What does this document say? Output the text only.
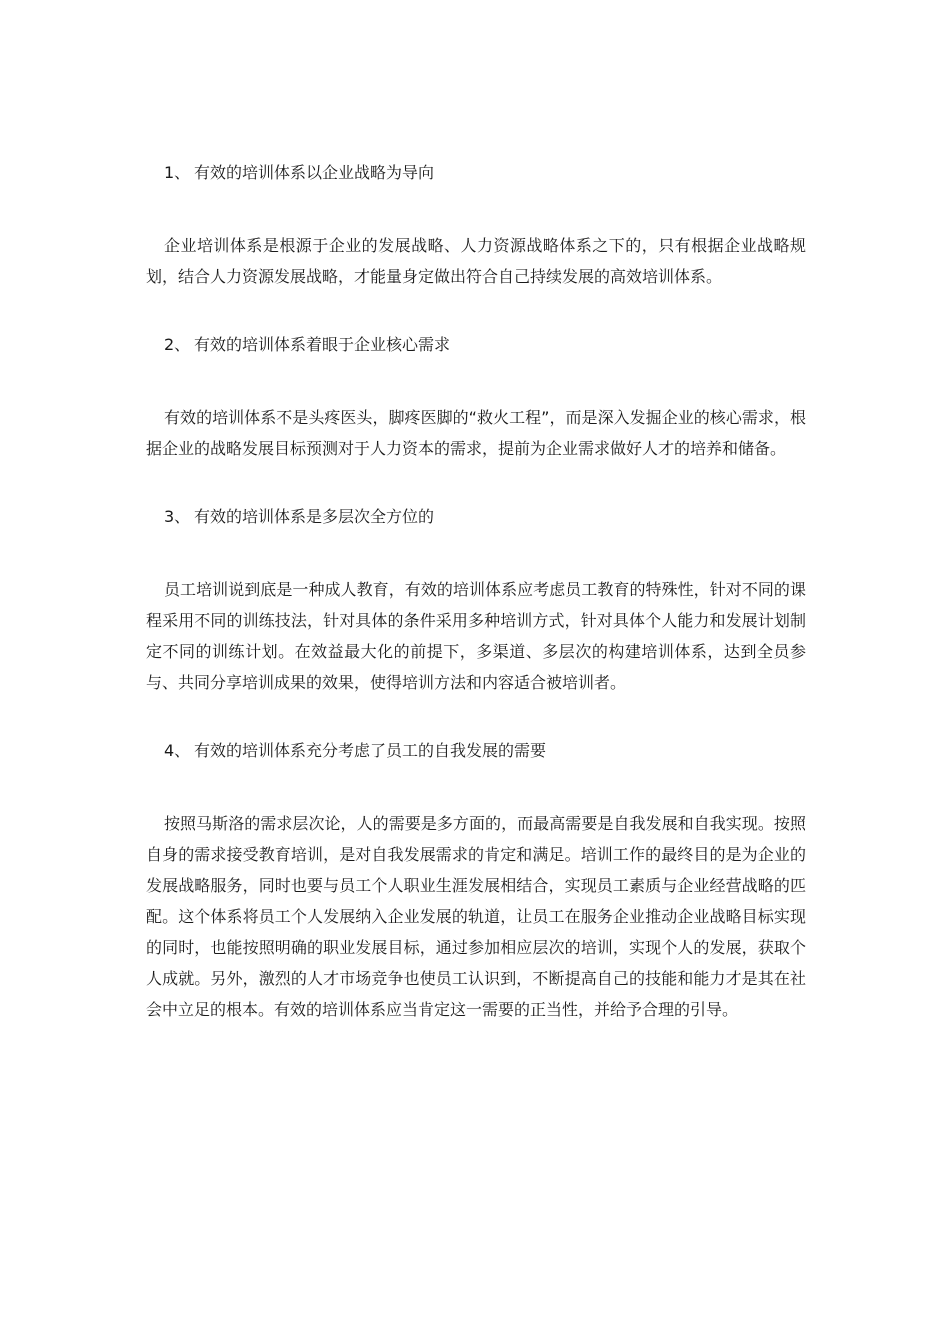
1、 有效的培训体系以企业战略为导向

企业培训体系是根源于企业的发展战略、人力资源战略体系之下的，只有根据企业战略规划，结合人力资源发展战略，才能量身定做出符合自己持续发展的高效培训体系。

2、 有效的培训体系着眼于企业核心需求

有效的培训体系不是头疼医头，脚疼医脚的“救火工程”，而是深入发掘企业的核心需求，根据企业的战略发展目标预测对于人力资本的需求，提前为企业需求做好人才的培养和储备。

3、 有效的培训体系是多层次全方位的

员工培训说到底是一种成人教育，有效的培训体系应考虑员工教育的特殊性，针对不同的课程采用不同的训练技法，针对具体的条件采用多种培训方式，针对具体个人能力和发展计划制定不同的训练计划。在效益最大化的前提下，多渠道、多层次的构建培训体系，达到全员参与、共同分享培训成果的效果，使得培训方法和内容适合被培训者。

4、 有效的培训体系充分考虑了员工的自我发展的需要

按照马斯洛的需求层次论，人的需要是多方面的，而最高需要是自我发展和自我实现。按照自身的需求接受教育培训，是对自我发展需求的肯定和满足。培训工作的最终目的是为企业的发展战略服务，同时也要与员工个人职业生涯发展相结合，实现员工素质与企业经营战略的匹配。这个体系将员工个人发展纳入企业发展的轨道，让员工在服务企业推动企业战略目标实现的同时，也能按照明确的职业发展目标，通过参加相应层次的培训，实现个人的发展，获取个人成就。另外，激烈的人才市场竞争也使员工认识到，不断提高自己的技能和能力才是其在社会中立足的根本。有效的培训体系应当肯定这一需要的正当性，并给予合理的引导。
